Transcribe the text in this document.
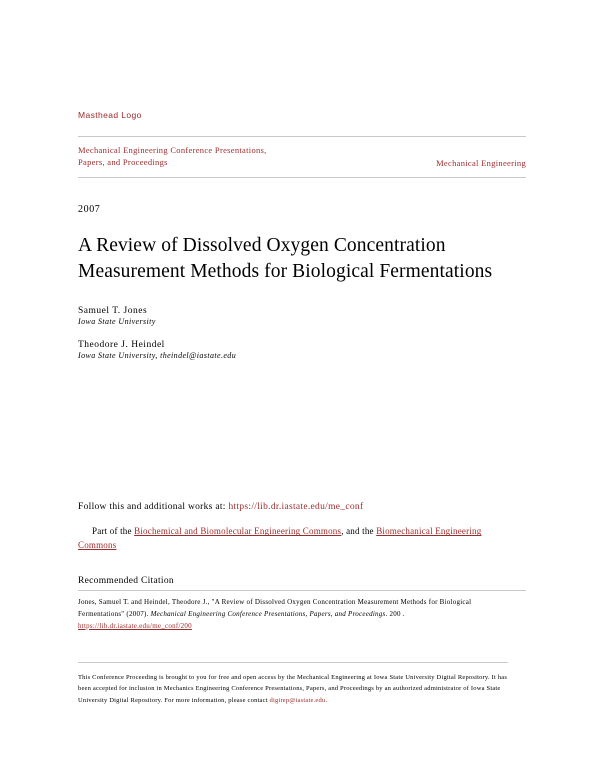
Masthead Logo
Mechanical Engineering Conference Presentations,
Papers, and Proceedings	Mechanical Engineering
2007
A Review of Dissolved Oxygen Concentration Measurement Methods for Biological Fermentations
Samuel T. Jones
Iowa State University
Theodore J. Heindel
Iowa State University, theindel@iastate.edu
Follow this and additional works at: https://lib.dr.iastate.edu/me_conf
Part of the Biochemical and Biomolecular Engineering Commons, and the Biomechanical Engineering Commons
Recommended Citation
Jones, Samuel T. and Heindel, Theodore J., "A Review of Dissolved Oxygen Concentration Measurement Methods for Biological Fermentations" (2007). Mechanical Engineering Conference Presentations, Papers, and Proceedings. 200 .
https://lib.dr.iastate.edu/me_conf/200
This Conference Proceeding is brought to you for free and open access by the Mechanical Engineering at Iowa State University Digital Repository. It has been accepted for inclusion in Mechanics Engineering Conference Presentations, Papers, and Proceedings by an authorized administrator of Iowa State University Digital Repository. For more information, please contact digirep@iastate.edu.
